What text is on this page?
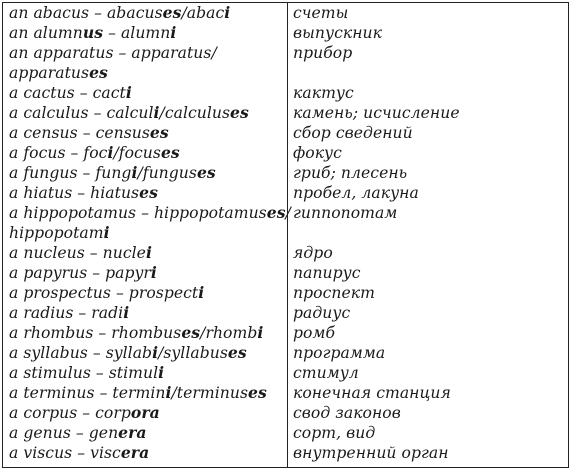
an abacus – abacuses/abaci	счеты
an alumnus – alumni	выпускник
an apparatus – apparatus/	прибор
apparatuses
a cactus – cacti	кактус
a calculus – calculi/calculuses	камень; исчисление
a census – censuses	сбор сведений
a focus – foci/focuses	фокус
a fungus – fungi/funguses	гриб; плесень
a hiatus – hiatuses	пробел, лакуна
a hippopotamus – hippopotamuses/ гиппопотам
hippopotami
a nucleus – nuclei	ядро
a papyrus – papyri	папирус
a prospectus – prospecti	проспект
a radius – radii	радиус
a rhombus – rhombuses/rhombi ромб
a syllabus – syllabi/syllabuses	программа
a stimulus – stimuli	стимул
a terminus – termini/terminuses конечная станция
a corpus – corpora	свод законов
a genus – genera	сорт, вид
a viscus – viscera	внутренний орган
